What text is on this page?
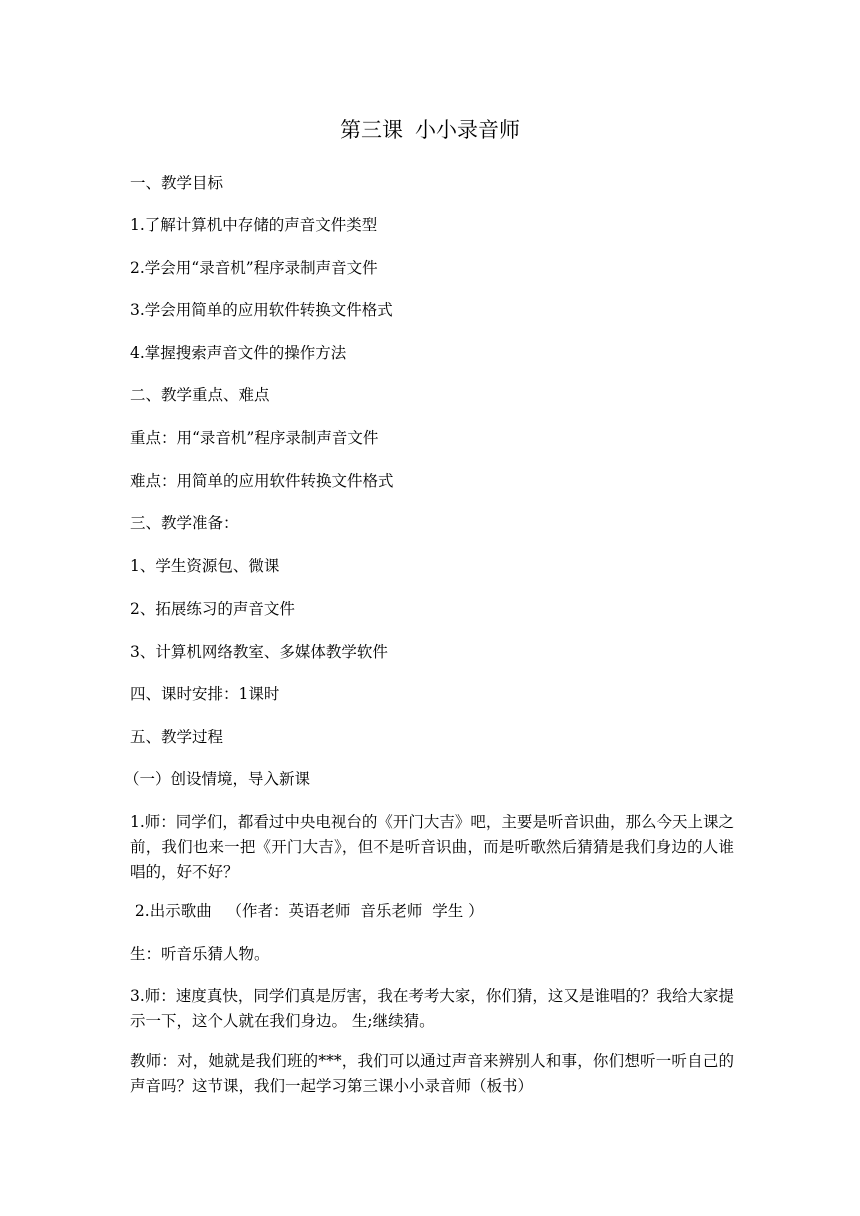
第三课 小小录音师
一、教学目标
1.了解计算机中存储的声音文件类型
2.学会用“录音机”程序录制声音文件
3.学会用简单的应用软件转换文件格式
4.掌握搜索声音文件的操作方法
二、教学重点、难点
重点：用“录音机”程序录制声音文件
难点：用简单的应用软件转换文件格式
三、教学准备：
1、学生资源包、微课
2、拓展练习的声音文件
3、计算机网络教室、多媒体教学软件
四、课时安排：1课时
五、教学过程
（一）创设情境，导入新课
1.师：同学们，都看过中央电视台的《开门大吉》吧，主要是听音识曲，那么今天上课之前，我们也来一把《开门大吉》，但不是听音识曲，而是听歌然后猜猜是我们身边的人谁唱的，好不好？
2.出示歌曲   （作者：英语老师  音乐老师  学生 ）
生：听音乐猜人物。
3.师：速度真快，同学们真是厉害，我在考考大家，你们猜，这又是谁唱的？我给大家提示一下，这个人就在我们身边。 生;继续猜。
教师：对，她就是我们班的***，我们可以通过声音来辨别人和事，你们想听一听自己的声音吗？这节课，我们一起学习第三课小小录音师（板书）
